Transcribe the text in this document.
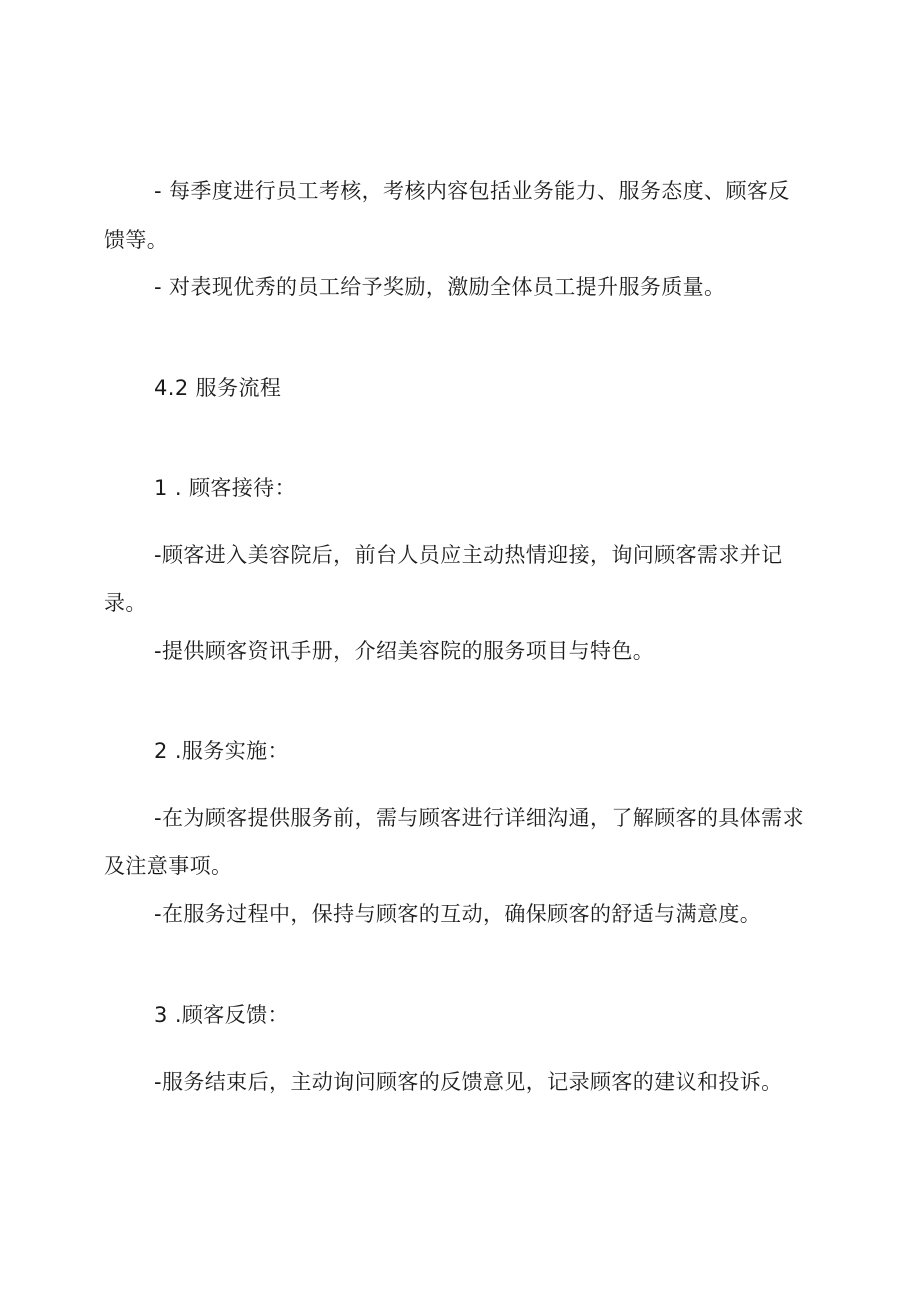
- 每季度进行员工考核，考核内容包括业务能力、服务态度、顾客反
馈等。
- 对表现优秀的员工给予奖励，激励全体员工提升服务质量。
4.2 服务流程
1 . 顾客接待：
-顾客进入美容院后，前台人员应主动热情迎接，询问顾客需求并记
录。
-提供顾客资讯手册，介绍美容院的服务项目与特色。
2 .服务实施：
-在为顾客提供服务前，需与顾客进行详细沟通，了解顾客的具体需求
及注意事项。
-在服务过程中，保持与顾客的互动，确保顾客的舒适与满意度。
3 .顾客反馈：
-服务结束后，主动询问顾客的反馈意见，记录顾客的建议和投诉。
